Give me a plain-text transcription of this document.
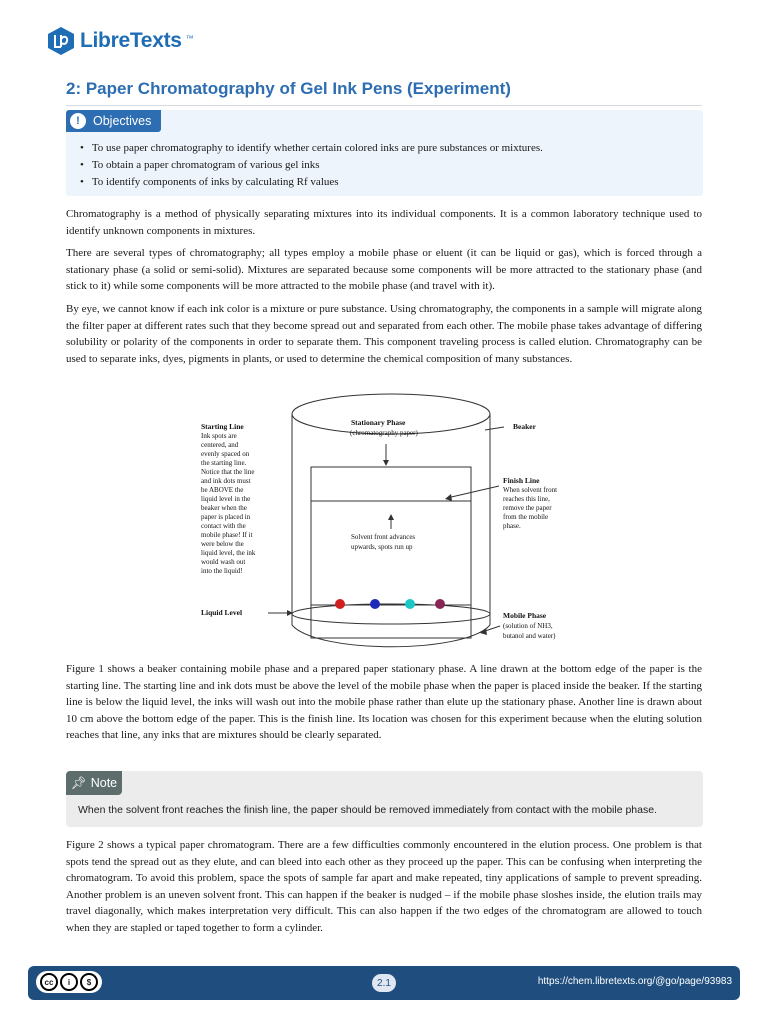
LibreTexts ™
2: Paper Chromatography of Gel Ink Pens (Experiment)
!	Objectives
• To use paper chromatography to identify whether certain colored inks are pure substances or mixtures.
• To obtain a paper chromatogram of various gel inks
• To identify components of inks by calculating Rf values

Chromatography is a method of physically separating mixtures into its individual components. It is a common laboratory technique used to identify unknown components in mixtures.

There are several types of chromatography; all types employ a mobile phase or eluent (it can be liquid or gas), which is forced through a stationary phase (a solid or semi-solid). Mixtures are separated because some components will be more attracted to the stationary phase (and stick to it) while some components will be more attracted to the mobile phase (and travel with it).

By eye, we cannot know if each ink color is a mixture or pure substance. Using chromatography, the components in a sample will migrate along the filter paper at different rates such that they become spread out and separated from each other. The mobile phase takes advantage of differing solubility or polarity of the components in order to separate them. This component traveling process is called elution. Chromatography can be used to separate inks, dyes, pigments in plants, or used to determine the chemical composition of many substances.

Starting Line
Ink spots are
centered, and
evenly spaced on
the starting line.
Notice that the line
and ink dots must
be ABOVE the
liquid level in the
beaker when the
paper is placed in
contact with the
mobile phase! If it
were below the
liquid level, the ink
would wash out
into the liquid!
Stationary Phase
(chromatography paper)
Beaker
Finish Line
When solvent front
reaches this line,
remove the paper
from the mobile
phase.
Solvent front advances
upwards, spots run up
Liquid Level	Mobile Phase
(solution of NH3,
butanol and water)

Figure 1 shows a beaker containing mobile phase and a prepared paper stationary phase. A line drawn at the bottom edge of the paper is the starting line. The starting line and ink dots must be above the level of the mobile phase when the paper is placed inside the beaker. If the starting line is below the liquid level, the inks will wash out into the mobile phase rather than elute up the stationary phase. Another line is drawn about 10 cm above the bottom edge of the paper. This is the finish line. Its location was chosen for this experiment because when the eluting solution reaches that line, any inks that are mixtures should be clearly separated.

📌︎ Note
When the solvent front reaches the finish line, the paper should be removed immediately from contact with the mobile phase.

Figure 2 shows a typical paper chromatogram. There are a few difficulties commonly encountered in the elution process. One problem is that spots tend the spread out as they elute, and can bleed into each other as they proceed up the paper. This can be confusing when interpreting the chromatogram. To avoid this problem, space the spots of sample far apart and make repeated, tiny applications of sample to prevent spreading. Another problem is an uneven solvent front. This can happen if the beaker is nudged – if the mobile phase sloshes inside, the elution trails may travel diagonally, which makes interpretation very difficult. This can also happen if the two edges of the chromatogram are allowed to touch when they are stapled or taped together to form a cylinder.

cc	i	$	2.1	https://chem.libretexts.org/@go/page/93983
